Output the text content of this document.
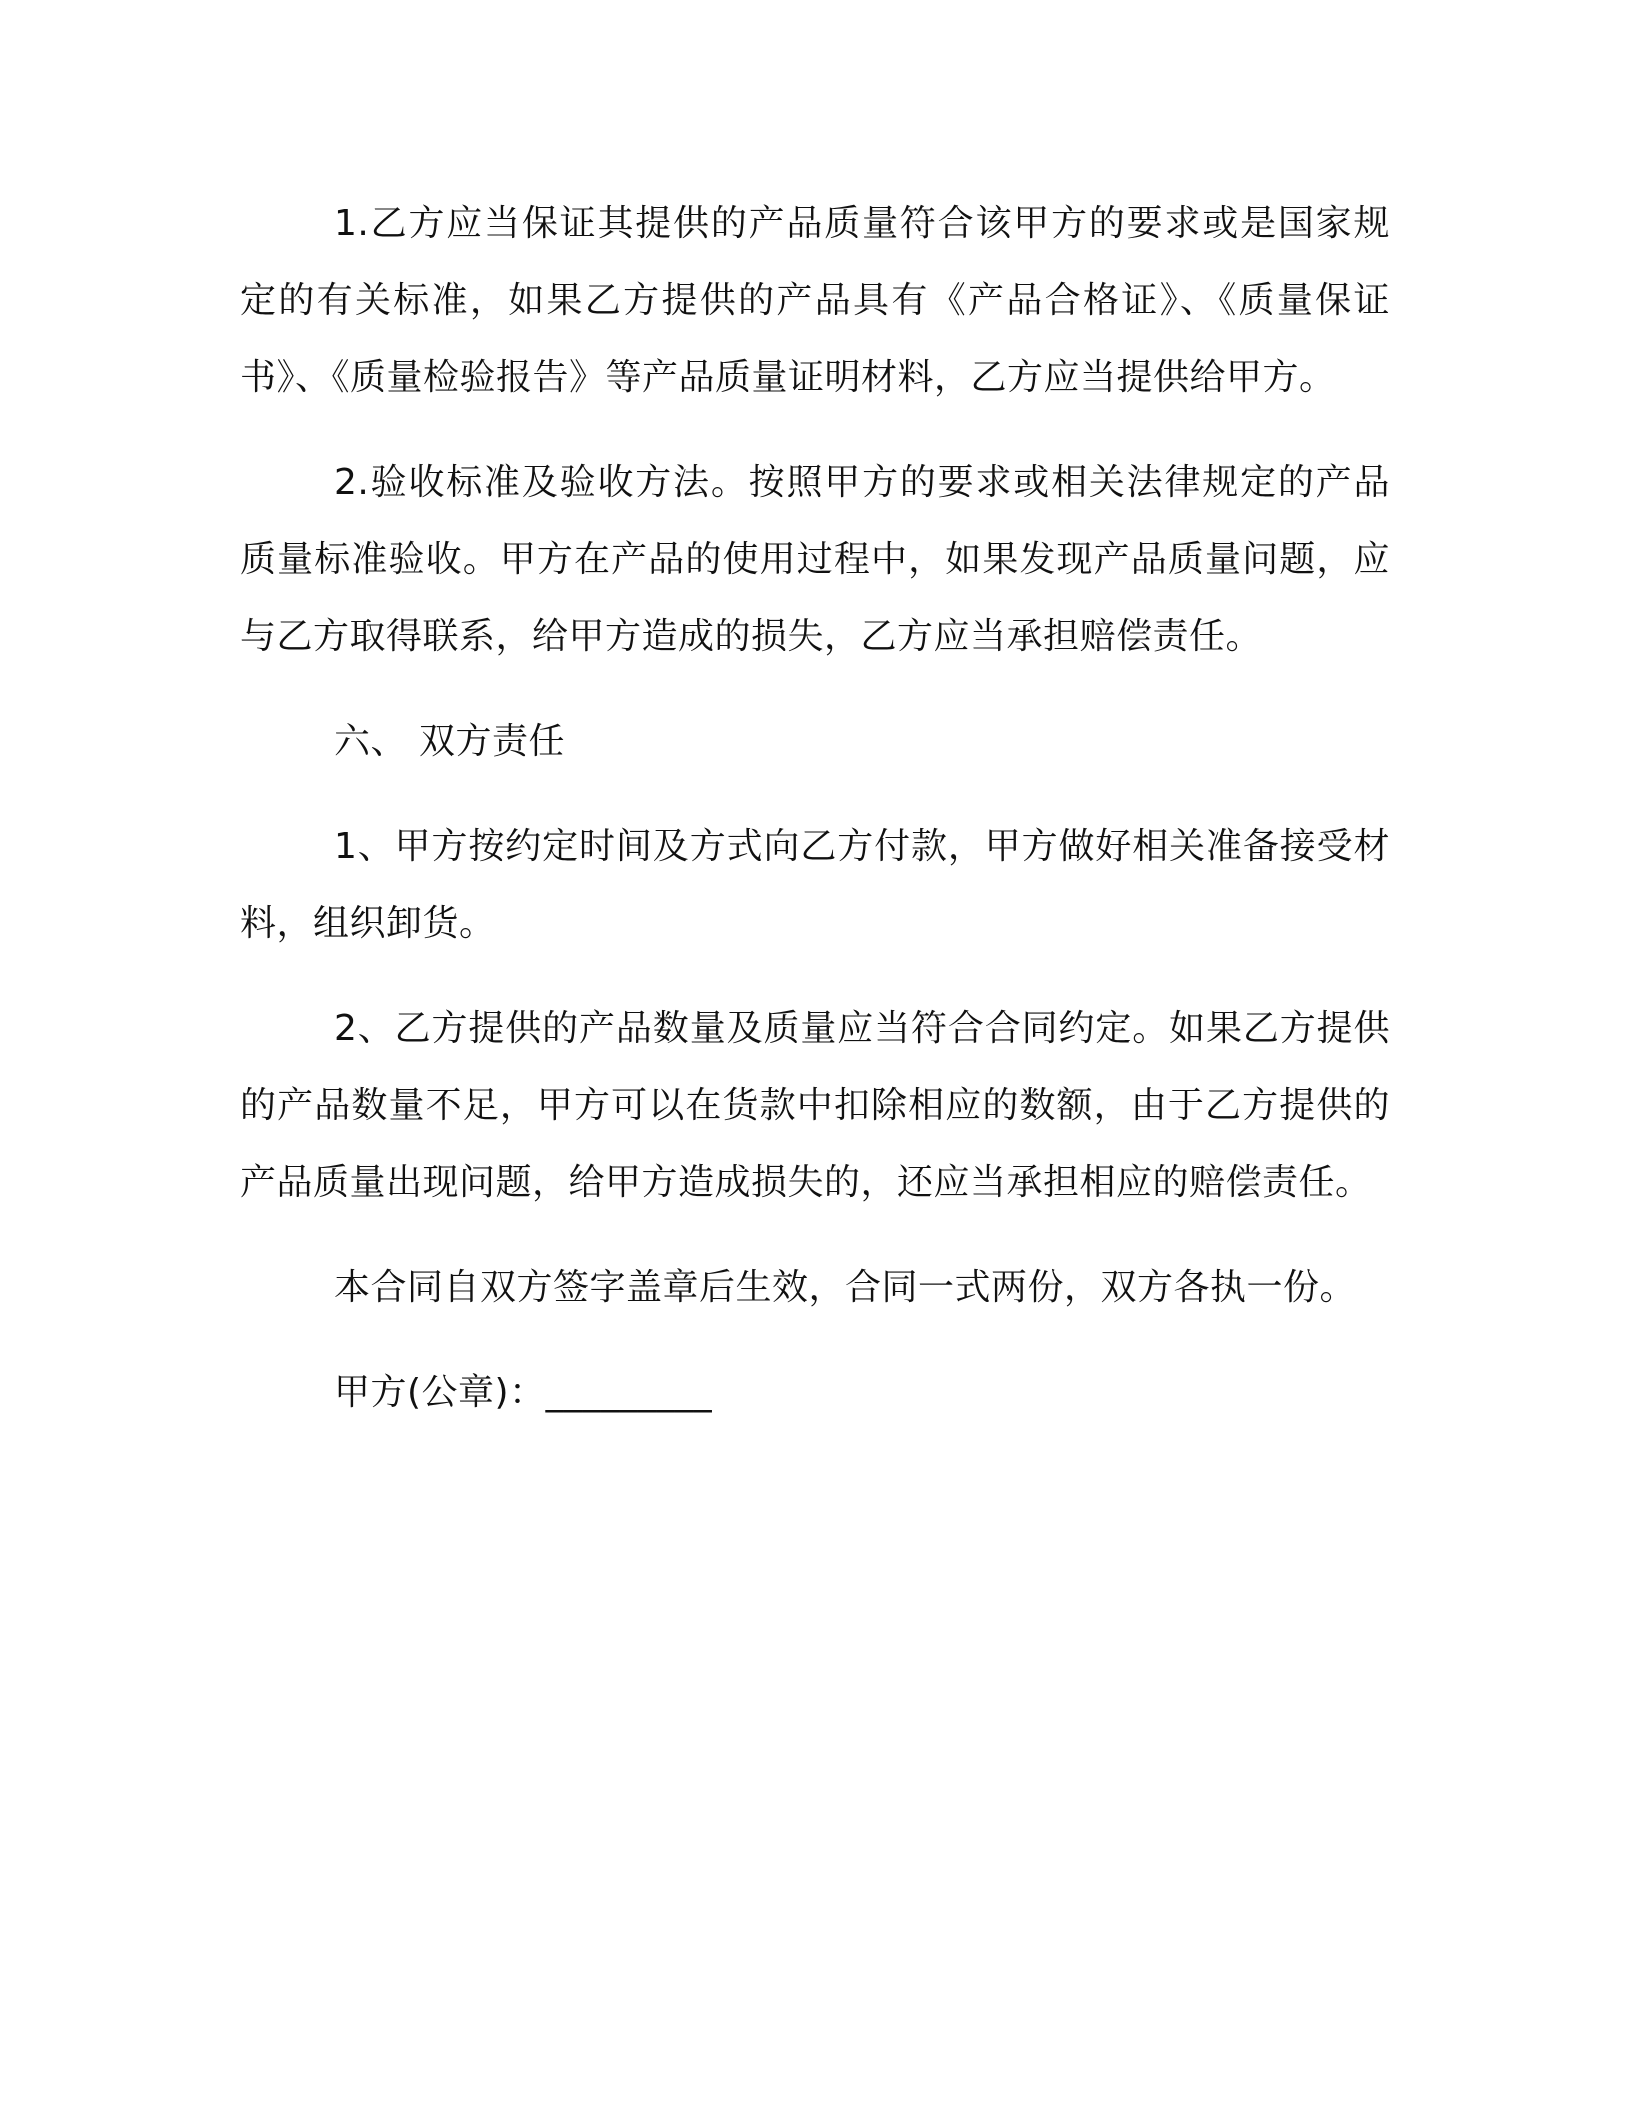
1.乙方应当保证其提供的产品质量符合该甲方的要求或是国家规定的有关标准，如果乙方提供的产品具有《产品合格证》、《质量保证书》、《质量检验报告》等产品质量证明材料，乙方应当提供给甲方。

2.验收标准及验收方法。按照甲方的要求或相关法律规定的产品质量标准验收。甲方在产品的使用过程中，如果发现产品质量问题，应与乙方取得联系，给甲方造成的损失，乙方应当承担赔偿责任。

六、 双方责任

1、甲方按约定时间及方式向乙方付款，甲方做好相关准备接受材料，组织卸货。

2、乙方提供的产品数量及质量应当符合合同约定。如果乙方提供的产品数量不足，甲方可以在货款中扣除相应的数额，由于乙方提供的产品质量出现问题，给甲方造成损失的，还应当承担相应的赔偿责任。

本合同自双方签字盖章后生效，合同一式两份，双方各执一份。

甲方(公章)：_________
